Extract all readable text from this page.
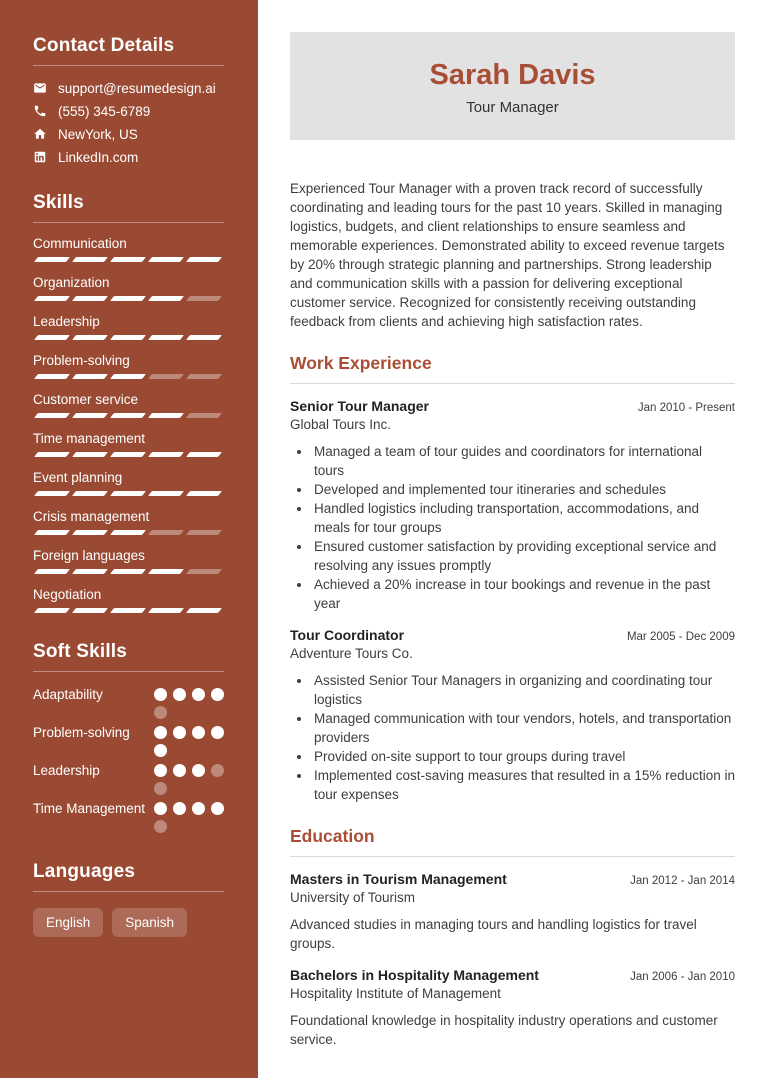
Contact Details
support@resumedesign.ai
(555) 345-6789
NewYork, US
LinkedIn.com
Skills
Communication
Organization
Leadership
Problem-solving
Customer service
Time management
Event planning
Crisis management
Foreign languages
Negotiation
Soft Skills
Adaptability
Problem-solving
Leadership
Time Management
Languages
English	Spanish
Sarah Davis
Tour Manager

Experienced Tour Manager with a proven track record of successfully coordinating and leading tours for the past 10 years. Skilled in managing logistics, budgets, and client relationships to ensure seamless and memorable experiences. Demonstrated ability to exceed revenue targets by 20% through strategic planning and partnerships. Strong leadership and communication skills with a passion for delivering exceptional customer service. Recognized for consistently receiving outstanding feedback from clients and achieving high satisfaction rates.

Work Experience
Senior Tour Manager	Jan 2010 - Present
Global Tours Inc.
• Managed a team of tour guides and coordinators for international tours
• Developed and implemented tour itineraries and schedules
• Handled logistics including transportation, accommodations, and meals for tour groups
• Ensured customer satisfaction by providing exceptional service and resolving any issues promptly
• Achieved a 20% increase in tour bookings and revenue in the past year
Tour Coordinator	Mar 2005 - Dec 2009
Adventure Tours Co.
• Assisted Senior Tour Managers in organizing and coordinating tour logistics
• Managed communication with tour vendors, hotels, and transportation providers
• Provided on-site support to tour groups during travel
• Implemented cost-saving measures that resulted in a 15% reduction in tour expenses
Education
Masters in Tourism Management	Jan 2012 - Jan 2014
University of Tourism

Advanced studies in managing tours and handling logistics for travel groups.

Bachelors in Hospitality Management	Jan 2006 - Jan 2010
Hospitality Institute of Management

Foundational knowledge in hospitality industry operations and customer service.
